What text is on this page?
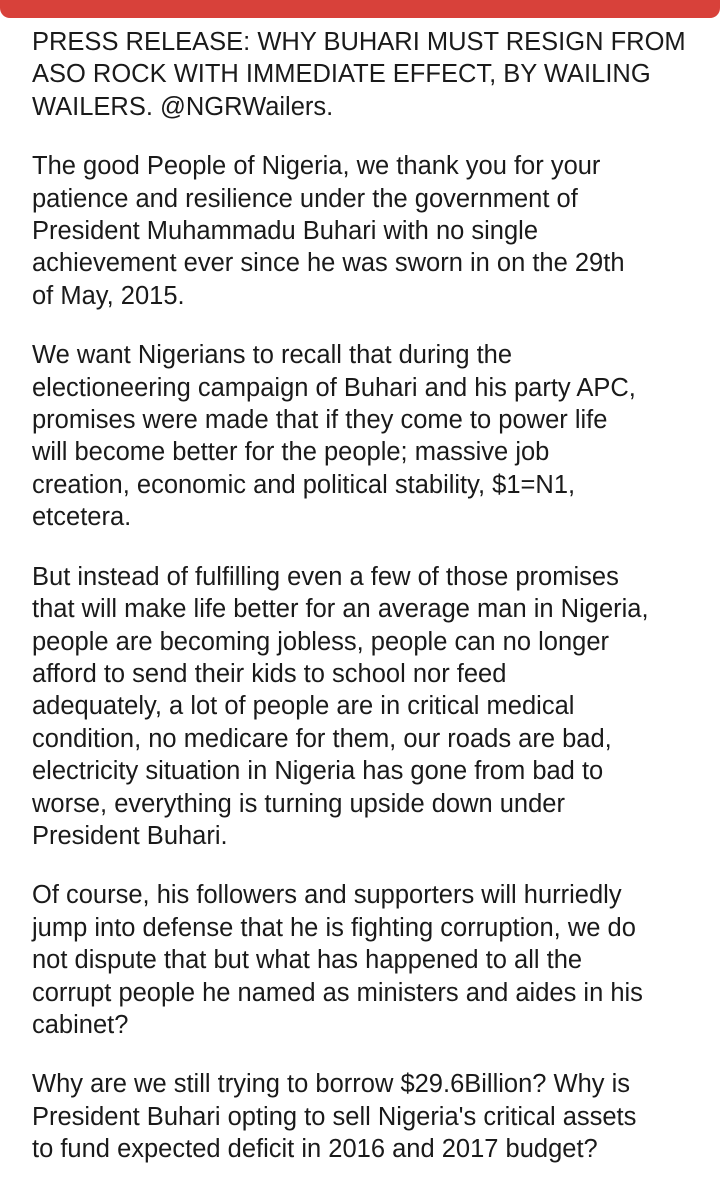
PRESS RELEASE: WHY BUHARI MUST RESIGN FROM
ASO ROCK WITH IMMEDIATE EFFECT, BY WAILING
WAILERS. @NGRWailers.

The good People of Nigeria, we thank you for your
patience and resilience under the government of
President Muhammadu Buhari with no single
achievement ever since he was sworn in on the 29th
of May, 2015.

We want Nigerians to recall that during the
electioneering campaign of Buhari and his party APC,
promises were made that if they come to power life
will become better for the people; massive job
creation, economic and political stability, $1=N1,
etcetera.

But instead of fulfilling even a few of those promises
that will make life better for an average man in Nigeria,
people are becoming jobless, people can no longer
afford to send their kids to school nor feed
adequately, a lot of people are in critical medical
condition, no medicare for them, our roads are bad,
electricity situation in Nigeria has gone from bad to
worse, everything is turning upside down under
President Buhari.

Of course, his followers and supporters will hurriedly
jump into defense that he is fighting corruption, we do
not dispute that but what has happened to all the
corrupt people he named as ministers and aides in his
cabinet?

Why are we still trying to borrow $29.6Billion? Why is
President Buhari opting to sell Nigeria's critical assets
to fund expected deficit in 2016 and 2017 budget?
